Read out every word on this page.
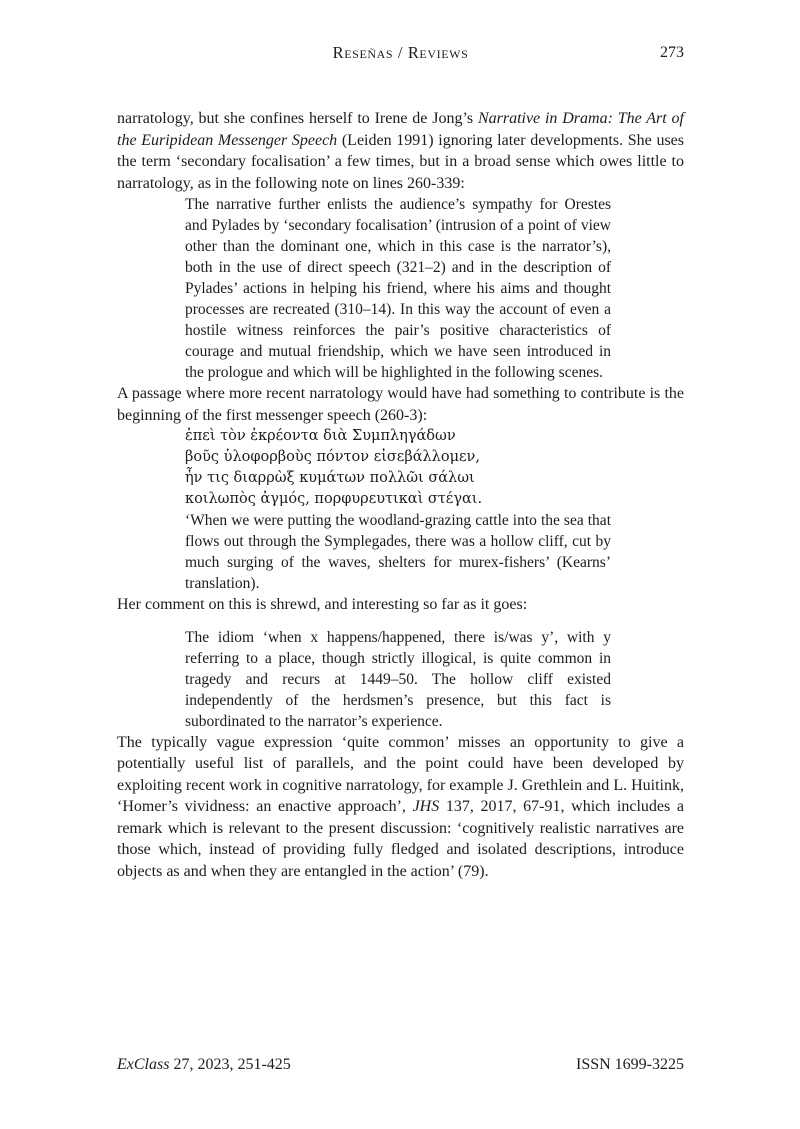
Reseñas / Reviews	273

narratology, but she confines herself to Irene de Jong’s Narrative in Drama: The Art of the Euripidean Messenger Speech (Leiden 1991) ignoring later developments. She uses the term ‘secondary focalisation’ a few times, but in a broad sense which owes little to narratology, as in the following note on lines 260-339:

The narrative further enlists the audience’s sympathy for Orestes and Pylades by ‘secondary focalisation’ (intrusion of a point of view other than the dominant one, which in this case is the narrator’s), both in the use of direct speech (321–2) and in the description of Pylades’ actions in helping his friend, where his aims and thought processes are recreated (310–14). In this way the account of even a hostile witness reinforces the pair’s positive characteristics of courage and mutual friendship, which we have seen introduced in the prologue and which will be highlighted in the following scenes.

A passage where more recent narratology would have had something to contribute is the beginning of the first messenger speech (260-3):

ἐπεὶ τὸν ἐκρέοντα διὰ Συμπληγάδων
βοῦς ὑλοφορβοὺς πόντον εἰσεβάλλομεν,
ἦν τις διαρρὼξ κυμάτων πολλῶι σάλωι
κοιλωπὸς ἀγμός, πορφυρευτικαὶ στέγαι.
‘When we were putting the woodland-grazing cattle into the sea that flows out through the Symplegades, there was a hollow cliff, cut by much surging of the waves, shelters for murex-fishers’ (Kearns’ translation).

Her comment on this is shrewd, and interesting so far as it goes:

The idiom ‘when x happens/happened, there is/was y’, with y referring to a place, though strictly illogical, is quite common in tragedy and recurs at 1449–50. The hollow cliff existed independently of the herdsmen’s presence, but this fact is subordinated to the narrator’s experience.

The typically vague expression ‘quite common’ misses an opportunity to give a potentially useful list of parallels, and the point could have been developed by exploiting recent work in cognitive narratology, for example J. Grethlein and L. Huitink, ‘Homer’s vividness: an enactive approach’, JHS 137, 2017, 67-91, which includes a remark which is relevant to the present discussion: ‘cognitively realistic narratives are those which, instead of providing fully fledged and isolated descriptions, introduce objects as and when they are entangled in the action’ (79).

ExClass 27, 2023, 251-425	ISSN 1699-3225
